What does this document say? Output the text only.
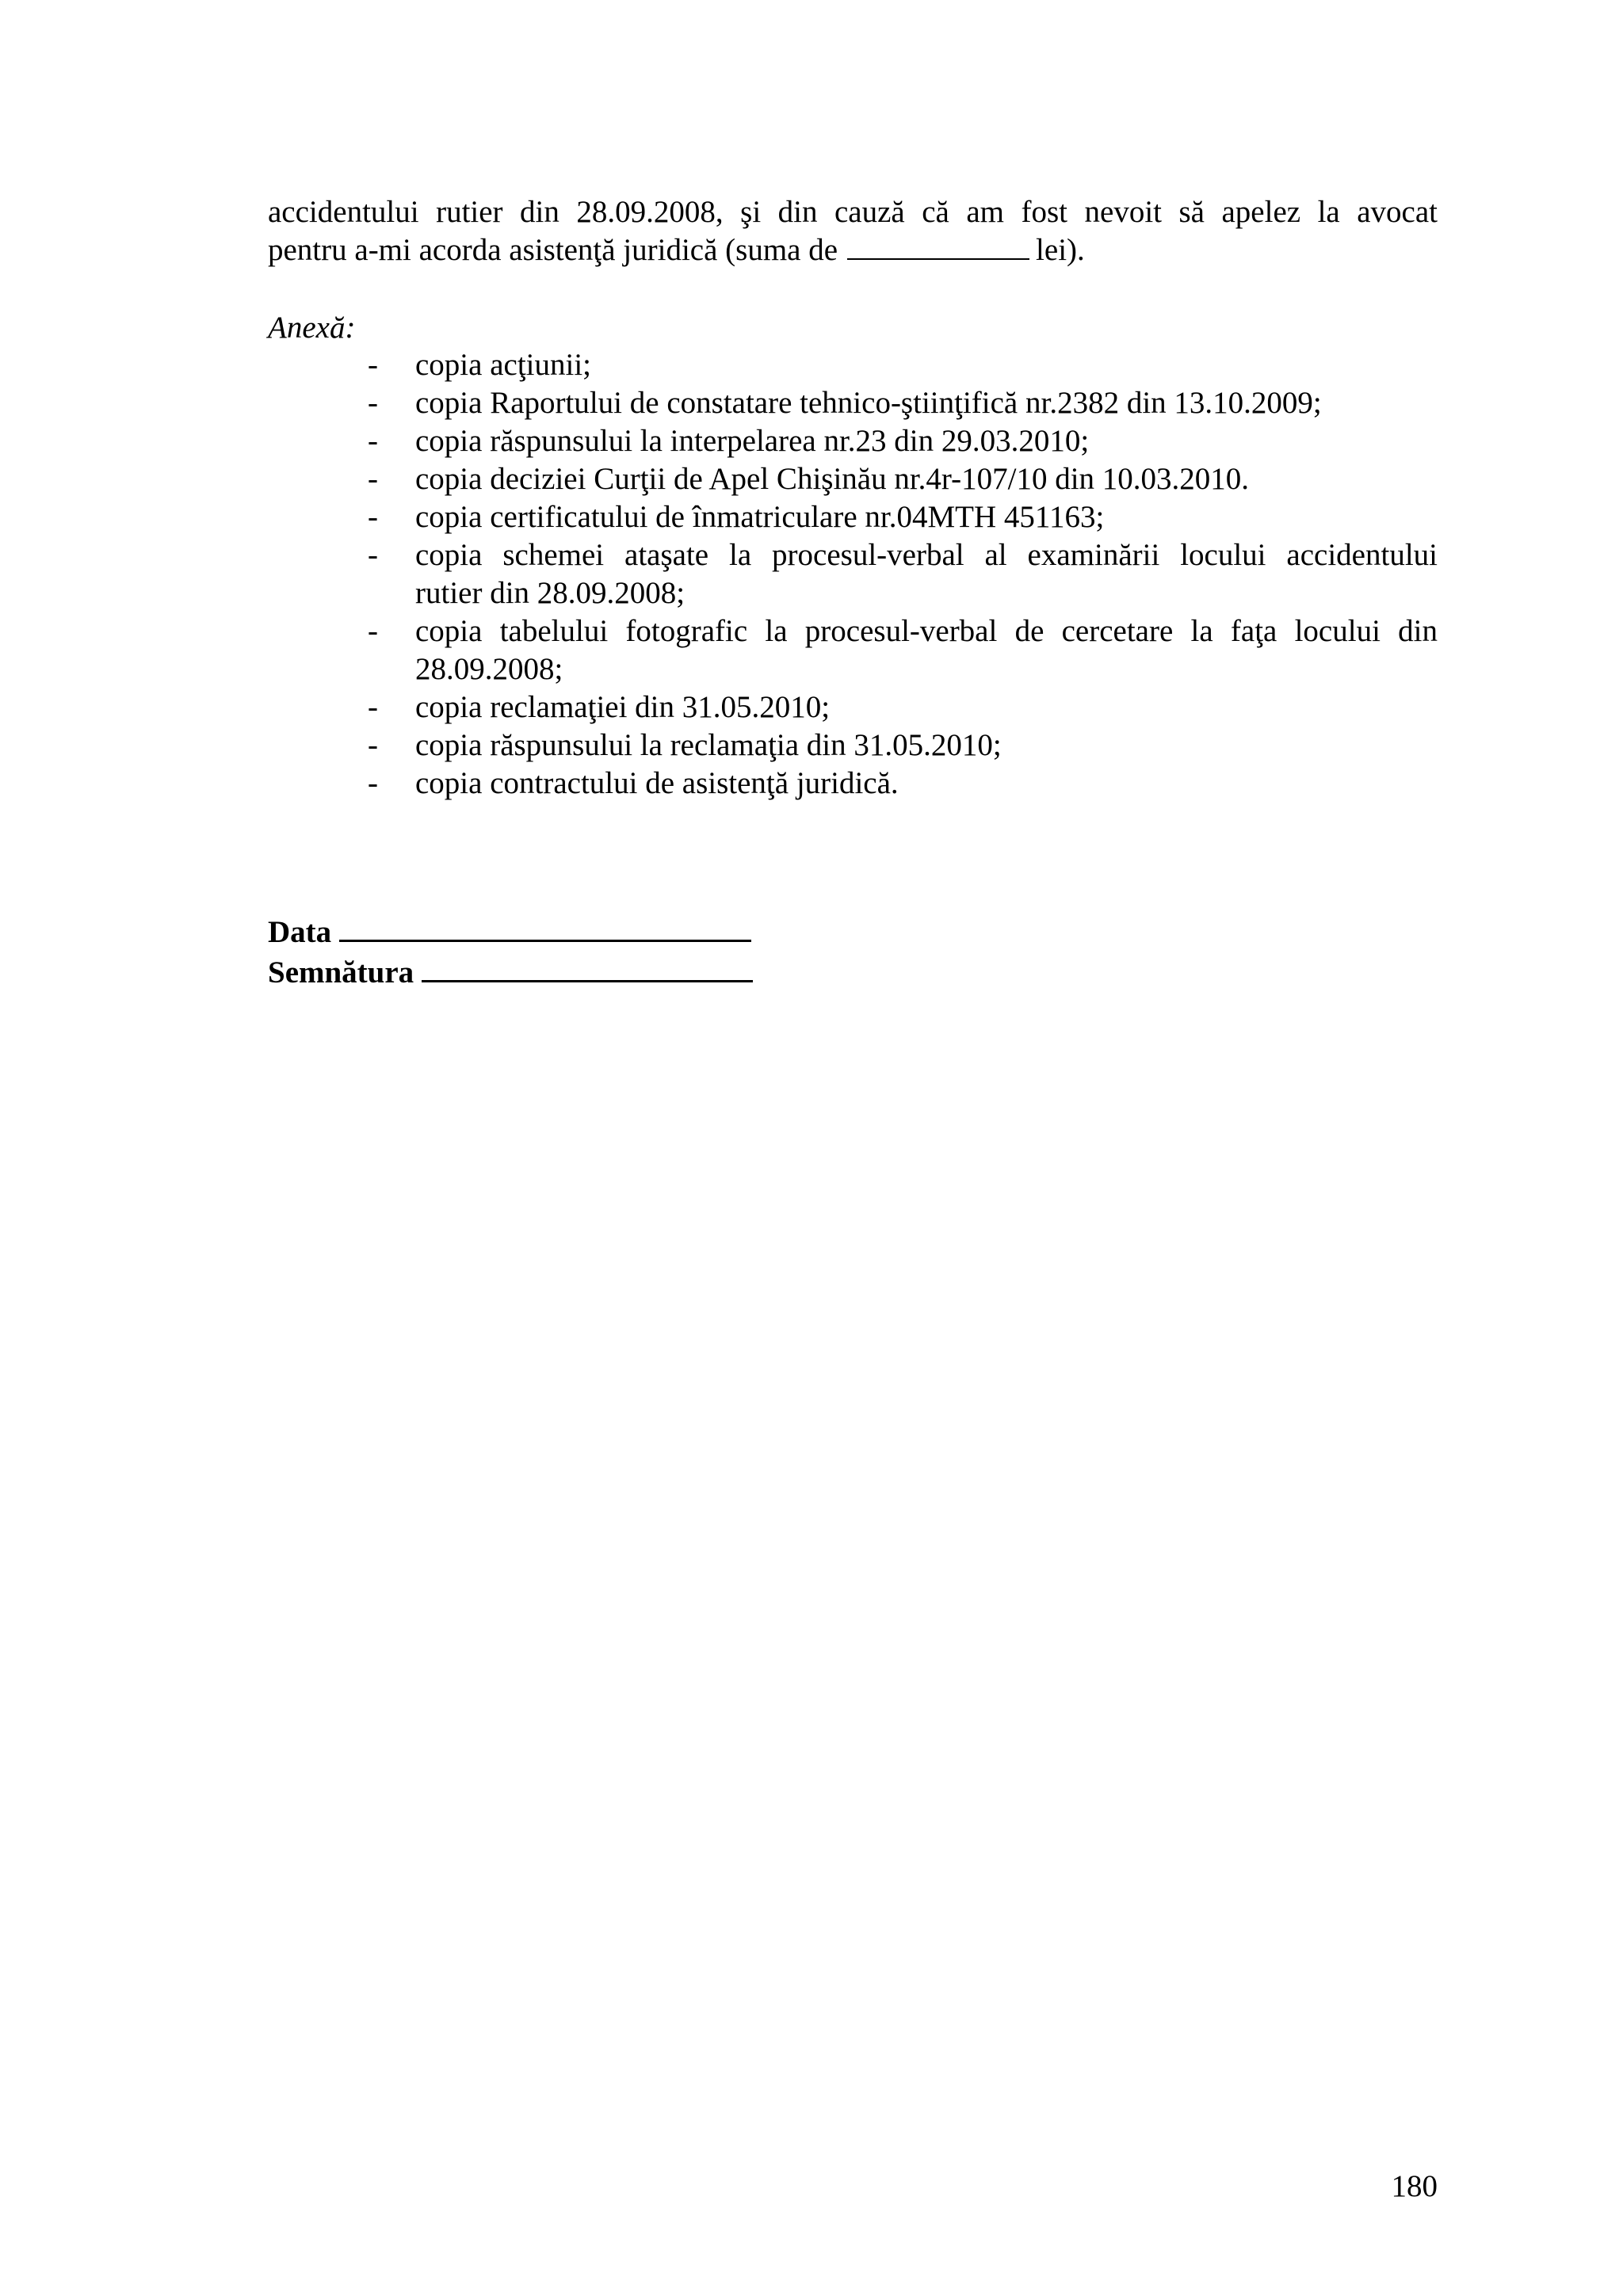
accidentului rutier din 28.09.2008, şi din cauză că am fost nevoit să apelez la avocat
pentru a-mi acorda asistenţă juridică (suma de	lei).
Anexă:
- copia acţiunii;
- copia Raportului de constatare tehnico-ştiinţifică nr.2382 din 13.10.2009;
- copia răspunsului la interpelarea nr.23 din 29.03.2010;
- copia deciziei Curţii de Apel Chişinău nr.4r-107/10 din 10.03.2010.
- copia certificatului de înmatriculare nr.04MTH 451163;
- copia schemei ataşate la procesul-verbal al examinării locului accidentului
rutier din 28.09.2008;
- copia tabelului fotografic la procesul-verbal de cercetare la faţa locului din
28.09.2008;
- copia reclamaţiei din 31.05.2010;
- copia răspunsului la reclamaţia din 31.05.2010;
- copia contractului de asistenţă juridică.
Data
Semnătura
180
